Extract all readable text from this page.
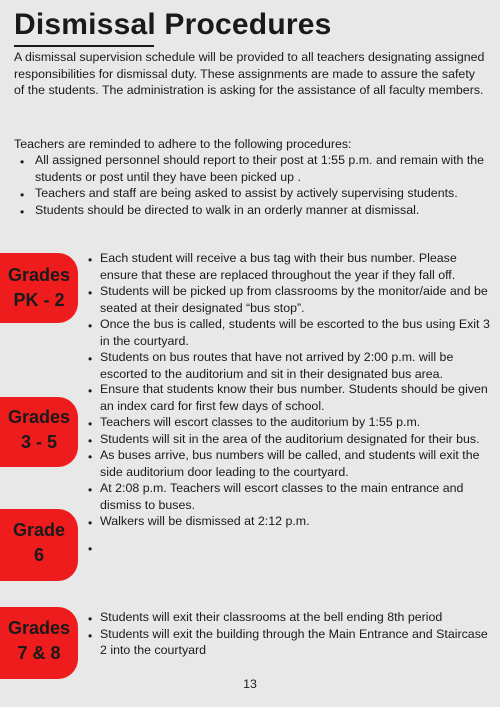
Dismissal Procedures

A dismissal supervision schedule will be provided to all teachers designating assigned responsibilities for dismissal duty. These assignments are made to assure the safety of the students. The administration is asking for the assistance of all faculty members.

Teachers are reminded to adhere to the following procedures:

• All assigned personnel should report to their post at 1:55 p.m. and remain with the students or post until they have been picked up .
• Teachers and staff are being asked to assist by actively supervising students.
• Students should be directed to walk in an orderly manner at dismissal.
Grades
PK - 2
Grades
3 - 5
Grade
6
Grades
7 & 8
• Each student will receive a bus tag with their bus number. Please ensure that these are replaced throughout the year if they fall off.
• Students will be picked up from classrooms by the monitor/aide and be seated at their designated “bus stop”.
• Once the bus is called, students will be escorted to the bus using Exit 3 in the courtyard.
• Students on bus routes that have not arrived by 2:00 p.m. will be escorted to the auditorium and sit in their designated bus area.
• Ensure that students know their bus number. Students should be given an index card for first few days of school.
• Teachers will escort classes to the auditorium by 1:55 p.m.
• Students will sit in the area of the auditorium designated for their bus.
• As buses arrive, bus numbers will be called, and students will exit the side auditorium door leading to the courtyard.
• At 2:08 p.m. Teachers will escort classes to the main entrance and dismiss to buses.
• Walkers will be dismissed at 2:12 p.m.
•
• Students will exit their classrooms at the bell ending 8th period
• Students will exit the building through the Main Entrance and Staircase 2 into the courtyard
13
